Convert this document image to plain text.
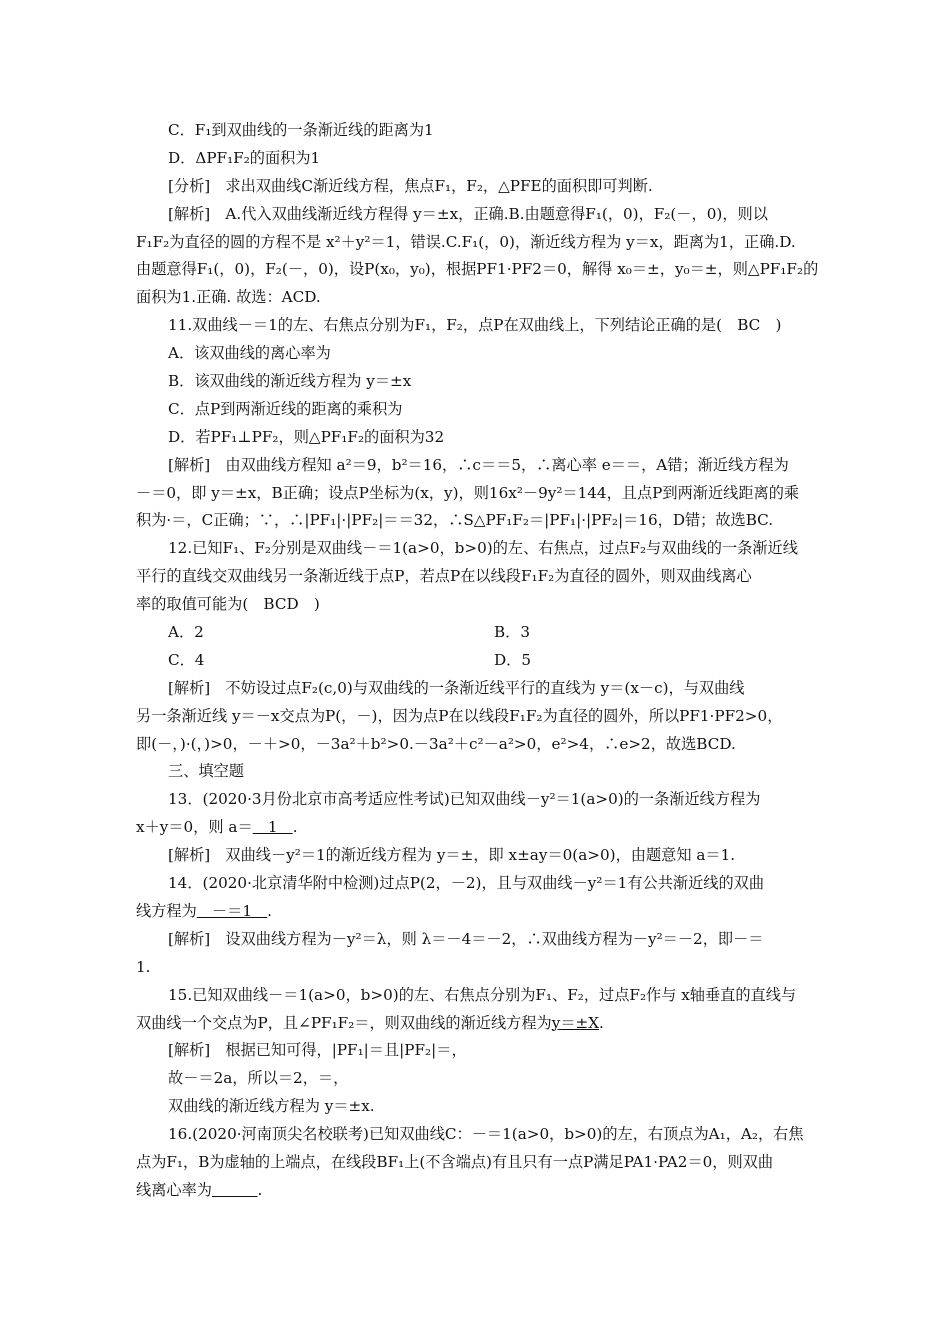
C．F₁到双曲线的一条渐近线的距离为1
D．ΔPF₁F₂的面积为1
[分析]　求出双曲线C渐近线方程，焦点F₁，F₂，△PFE的面积即可判断.
[解析]　A.代入双曲线渐近线方程得 y＝±x，正确.B.由题意得F₁(，0)，F₂(－，0)，则以
F₁F₂为直径的圆的方程不是 x²＋y²＝1，错误.C.F₁(，0)，渐近线方程为 y＝x，距离为1，正确.D.
由题意得F₁(，0)，F₂(－，0)，设P(x₀，y₀)，根据PF1·PF2＝0，解得 x₀＝±，y₀＝±，则△PF₁F₂的
面积为1.正确. 故选：ACD.
11.双曲线－＝1的左、右焦点分别为F₁，F₂，点P在双曲线上，下列结论正确的是(　BC　)
A．该双曲线的离心率为
B．该双曲线的渐近线方程为 y＝±x
C．点P到两渐近线的距离的乘积为
D．若PF₁⊥PF₂，则△PF₁F₂的面积为32
[解析]　由双曲线方程知 a²＝9，b²＝16，∴c＝＝5，∴离心率 e＝＝，A错；渐近线方程为
－＝0，即 y＝±x，B正确；设点P坐标为(x，y)，则16x²－9y²＝144，且点P到两渐近线距离的乘
积为·＝，C正确；∵，∴|PF₁|·|PF₂|＝＝32，∴S△PF₁F₂＝|PF₁|·|PF₂|＝16，D错；故选BC.
12.已知F₁、F₂分别是双曲线－＝1(a>0，b>0)的左、右焦点，过点F₂与双曲线的一条渐近线
平行的直线交双曲线另一条渐近线于点P，若点P在以线段F₁F₂为直径的圆外，则双曲线离心
率的取值可能为(　BCD　)
A．2	B．3
C．4	D．5
[解析]　不妨设过点F₂(c,0)与双曲线的一条渐近线平行的直线为 y＝(x－c)，与双曲线
另一条渐近线 y＝－x交点为P(，－)，因为点P在以线段F₁F₂为直径的圆外，所以PF1·PF2>0，
即(－，)·(，)>0，－＋>0，－3a²＋b²>0.－3a²＋c²－a²>0，e²>4，∴e>2，故选BCD.
三、填空题
13．(2020·3月份北京市高考适应性考试)已知双曲线－y²＝1(a>0)的一条渐近线方程为
x＋y＝0，则 a＝　1　.
[解析]　双曲线－y²＝1的渐近线方程为 y＝±，即 x±ay＝0(a>0)，由题意知 a＝1.
14．(2020·北京清华附中检测)过点P(2，－2)，且与双曲线－y²＝1有公共渐近线的双曲
线方程为　－＝1　.
[解析]　设双曲线方程为－y²＝λ，则 λ＝－4＝－2，∴双曲线方程为－y²＝－2，即－＝
1.
15.已知双曲线－＝1(a>0，b>0)的左、右焦点分别为F₁、F₂，过点F₂作与 x轴垂直的直线与
双曲线一个交点为P，且∠PF₁F₂＝，则双曲线的渐近线方程为y＝±X.
[解析]　根据已知可得，|PF₁|＝且|PF₂|＝，
故－＝2a，所以＝2，＝，
双曲线的渐近线方程为 y＝±x.
16.(2020·河南顶尖名校联考)已知双曲线C：－＝1(a>0，b>0)的左，右顶点为A₁，A₂，右焦
点为F₁，B为虚轴的上端点，在线段BF₁上(不含端点)有且只有一点P满足PA1·PA2＝0，则双曲
线离心率为　　　	.
